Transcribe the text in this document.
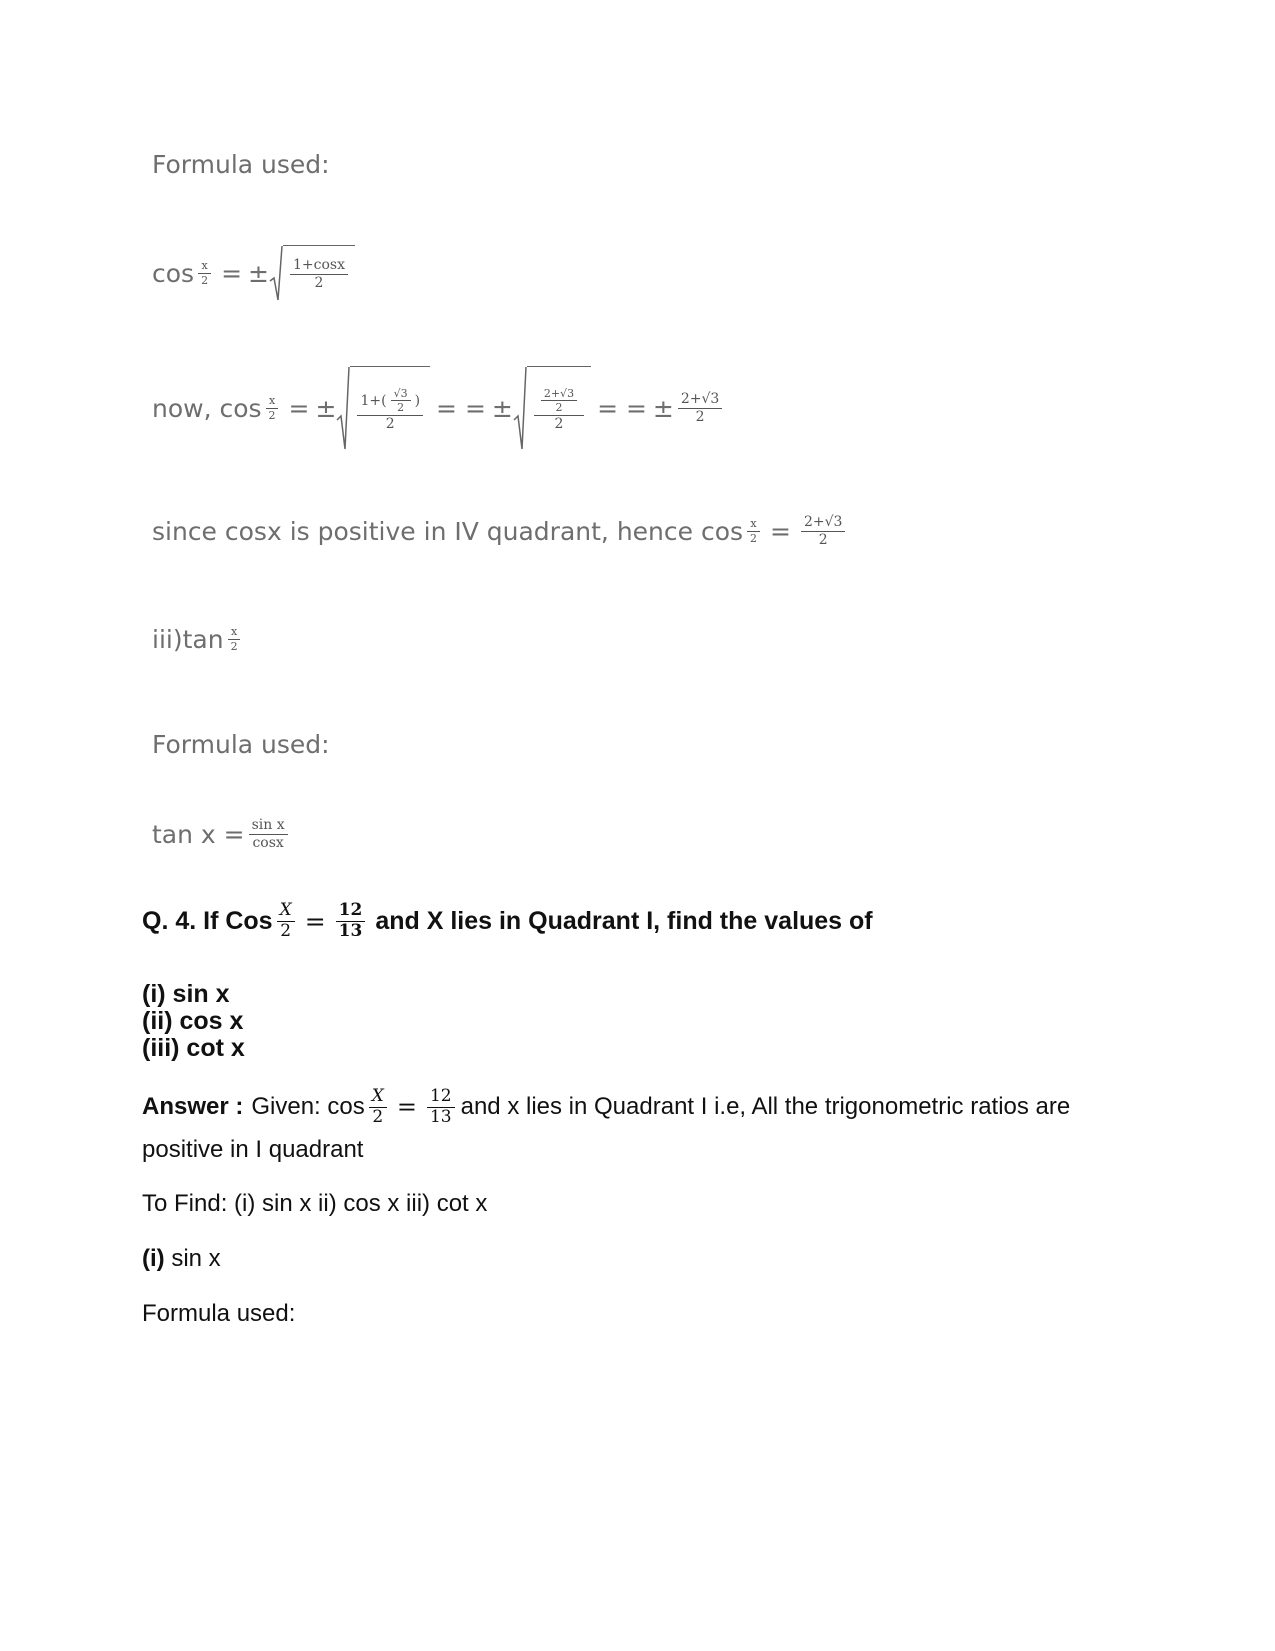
Formula used:
$\cos \frac{x}{2}$ = ± $\frac{1+\cos x}{2}$
now, $\cos \frac{x}{2}$ = ± $\frac{1+( \frac{√3}{2} )}{2}$ = = ± $\frac{\frac{2+√3}{2}}{2}$ = = ± $\frac{2+√3}{2}$
since cosx is positive in IV quadrant, hence $\cos \frac{x}{2} = \frac{2+√3}{2}$
$iii)\tan \frac{x}{2}$
Formula used:
$\tan x = \frac{\text{sin x}}{\cos x}$
Q. 4. If Cos $\frac{X}{2} = \frac{12}{13}$ and X lies in Quadrant I, find the values of
(i) sin x
(ii) cos x
(iii) cot x
Answer : Given: $\cos \frac{X}{2} = \frac{12}{13}$ and x lies in Quadrant I i.e, All the trigonometric ratios are
positive in I quadrant
To Find: (i) sin x ii) cos x iii) cot x
(i) sin x
Formula used:
